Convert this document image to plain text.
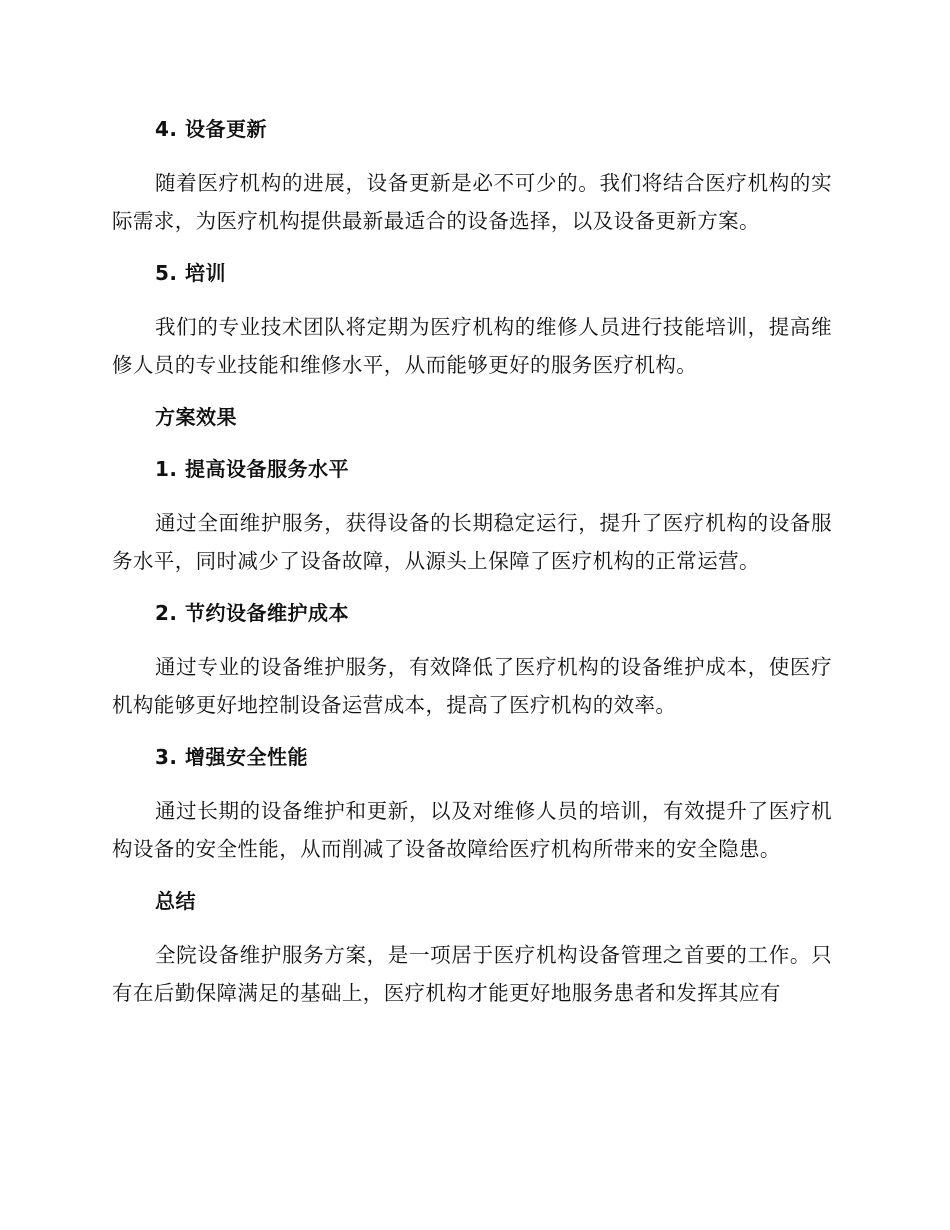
4. 设备更新
随着医疗机构的进展，设备更新是必不可少的。我们将结合医疗机构的实际需求，为医疗机构提供最新最适合的设备选择，以及设备更新方案。
5. 培训
我们的专业技术团队将定期为医疗机构的维修人员进行技能培训，提高维修人员的专业技能和维修水平，从而能够更好的服务医疗机构。
方案效果
1. 提高设备服务水平
通过全面维护服务，获得设备的长期稳定运行，提升了医疗机构的设备服务水平，同时减少了设备故障，从源头上保障了医疗机构的正常运营。
2. 节约设备维护成本
通过专业的设备维护服务，有效降低了医疗机构的设备维护成本，使医疗机构能够更好地控制设备运营成本，提高了医疗机构的效率。
3. 增强安全性能
通过长期的设备维护和更新，以及对维修人员的培训，有效提升了医疗机构设备的安全性能，从而削减了设备故障给医疗机构所带来的安全隐患。
总结
全院设备维护服务方案，是一项居于医疗机构设备管理之首要的工作。只有在后勤保障满足的基础上，医疗机构才能更好地服务患者和发挥其应有
